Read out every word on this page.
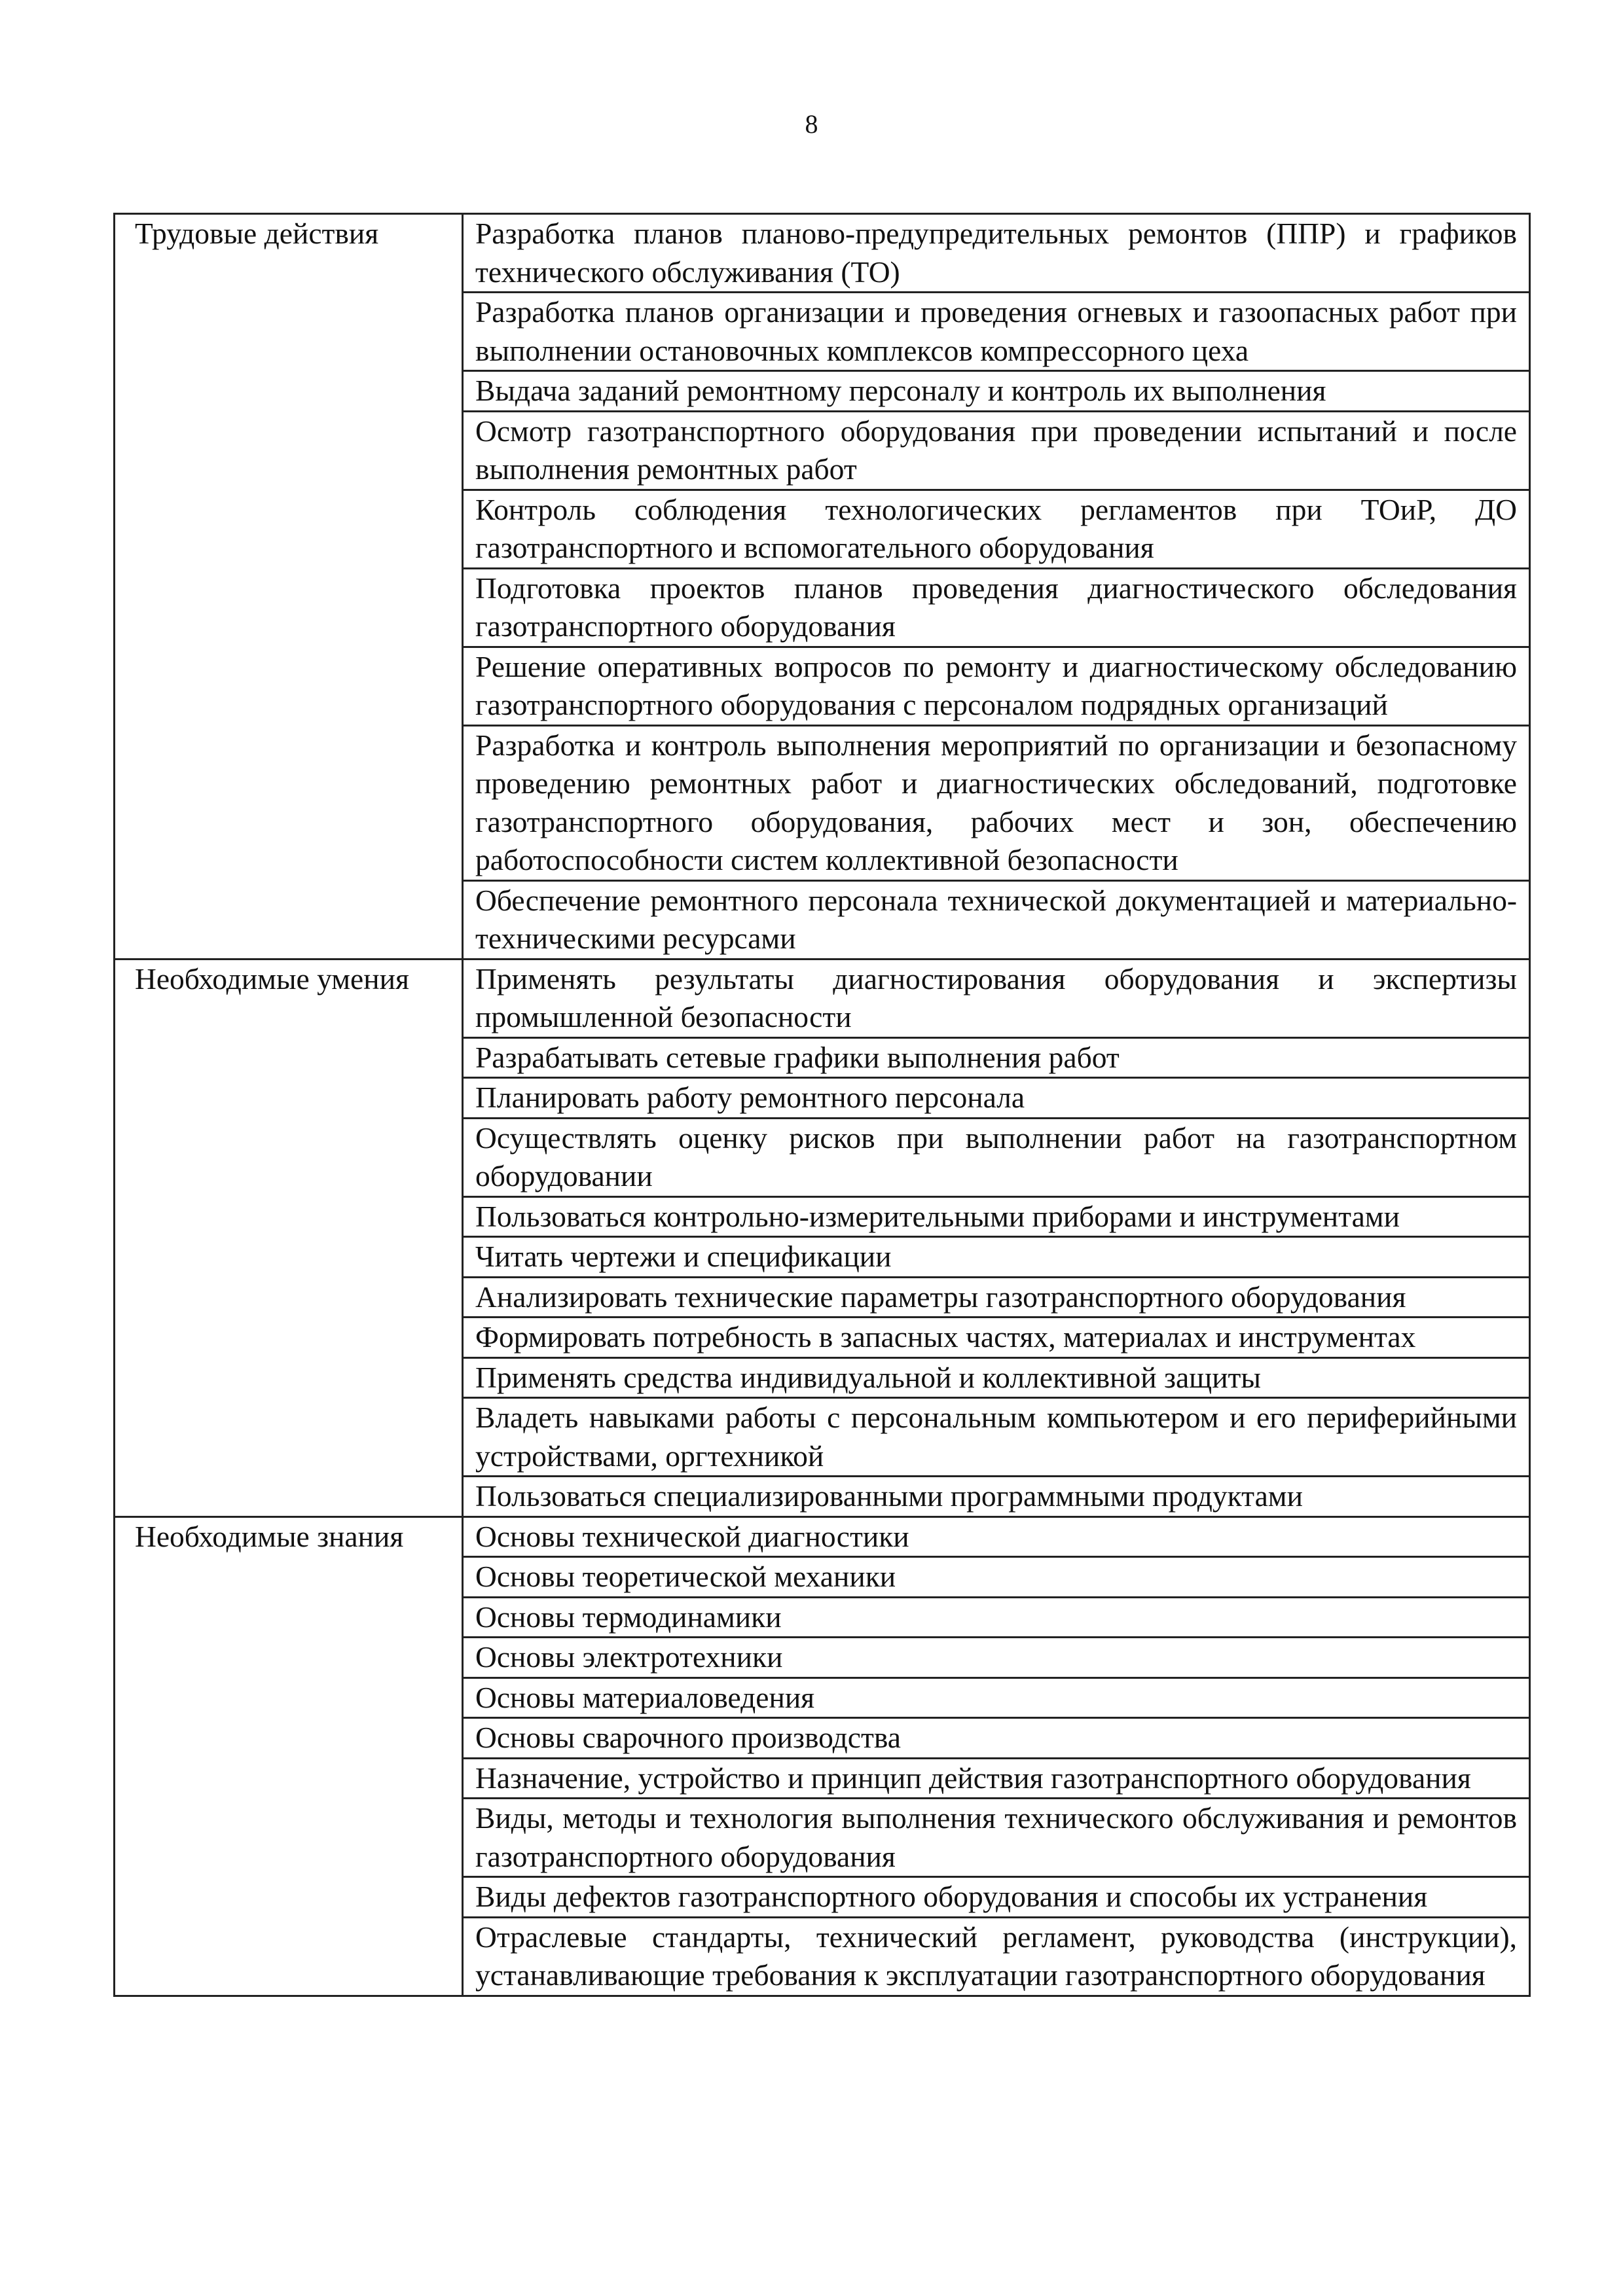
8
Трудовые действия	Разработка планов планово-предупредительных ремонтов (ППР) и графиков технического обслуживания (ТО)
	Разработка планов организации и проведения огневых и газоопасных работ при выполнении остановочных комплексов компрессорного цеха
	Выдача заданий ремонтному персоналу и контроль их выполнения
	Осмотр газотранспортного оборудования при проведении испытаний и после выполнения ремонтных работ
	Контроль соблюдения технологических регламентов при ТОиР, ДО газотранспортного и вспомогательного оборудования
	Подготовка проектов планов проведения диагностического обследования газотранспортного оборудования
	Решение оперативных вопросов по ремонту и диагностическому обследованию газотранспортного оборудования с персоналом подрядных организаций
	Разработка и контроль выполнения мероприятий по организации и безопасному проведению ремонтных работ и диагностических обследований, подготовке газотранспортного оборудования, рабочих мест и зон, обеспечению работоспособности систем коллективной безопасности
	Обеспечение ремонтного персонала технической документацией и материально-техническими ресурсами
Необходимые умения	Применять результаты диагностирования оборудования и экспертизы промышленной безопасности
	Разрабатывать сетевые графики выполнения работ
	Планировать работу ремонтного персонала
	Осуществлять оценку рисков при выполнении работ на газотранспортном оборудовании
	Пользоваться контрольно-измерительными приборами и инструментами
	Читать чертежи и спецификации
	Анализировать технические параметры газотранспортного оборудования
	Формировать потребность в запасных частях, материалах и инструментах
	Применять средства индивидуальной и коллективной защиты
	Владеть навыками работы с персональным компьютером и его периферийными устройствами, оргтехникой
	Пользоваться специализированными программными продуктами
Необходимые знания	Основы технической диагностики
	Основы теоретической механики
	Основы термодинамики
	Основы электротехники
	Основы материаловедения
	Основы сварочного производства
	Назначение, устройство и принцип действия газотранспортного оборудования
	Виды, методы и технология выполнения технического обслуживания и ремонтов газотранспортного оборудования
	Виды дефектов газотранспортного оборудования и способы их устранения
	Отраслевые стандарты, технический регламент, руководства (инструкции), устанавливающие требования к эксплуатации газотранспортного оборудования
